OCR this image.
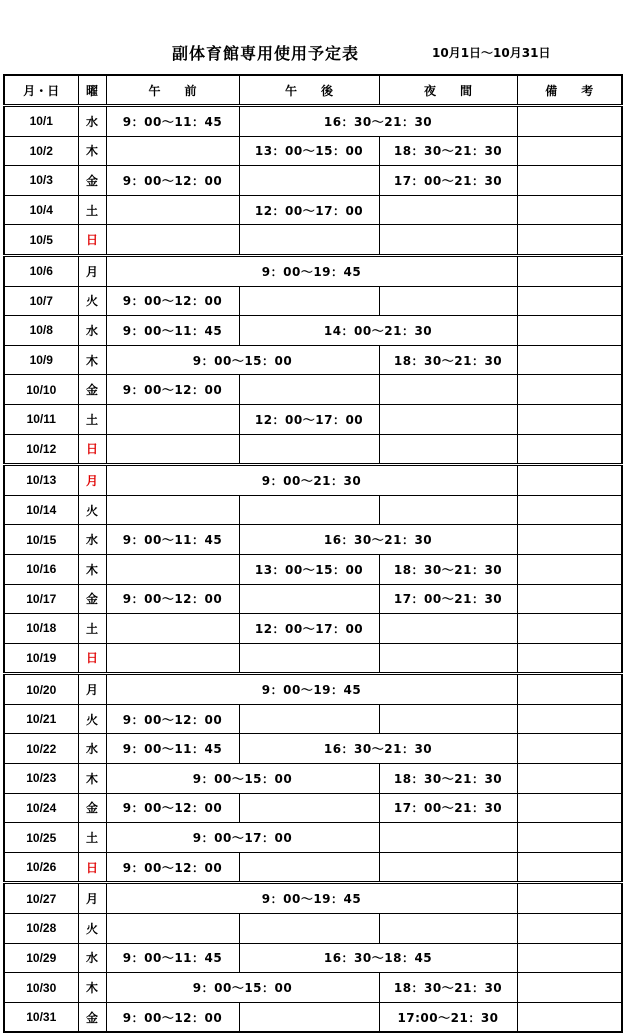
副体育館専用使用予定表	10月1日～10月31日
月・日	曜	午　　前	午　　後	夜　　間	備　　考
10/1	水	9：00～11：45	16：30～21：30		
10/2	木		13：00～15：00	18：30～21：30	
10/3	金	9：00～12：00		17：00～21：30	
10/4	土		12：00～17：00		
10/5	日				
10/6	月	9：00～19：45			
10/7	火	9：00～12：00			
10/8	水	9：00～11：45	14：00～21：30		
10/9	木	9：00～15：00		18：30～21：30	
10/10	金	9：00～12：00			
10/11	土		12：00～17：00		
10/12	日				
10/13	月	9：00～21：30			
10/14	火				
10/15	水	9：00～11：45	16：30～21：30		
10/16	木		13：00～15：00	18：30～21：30	
10/17	金	9：00～12：00		17：00～21：30	
10/18	土		12：00～17：00		
10/19	日				
10/20	月	9：00～19：45			
10/21	火	9：00～12：00			
10/22	水	9：00～11：45	16：30～21：30		
10/23	木	9：00～15：00		18：30～21：30	
10/24	金	9：00～12：00		17：00～21：30	
10/25	土	9：00～17：00			
10/26	日	9：00～12：00			
10/27	月	9：00～19：45			
10/28	火				
10/29	水	9：00～11：45	16：30～18：45		
10/30	木	9：00～15：00		18：30～21：30	
10/31	金	9：00～12：00		17:00～21：30	
